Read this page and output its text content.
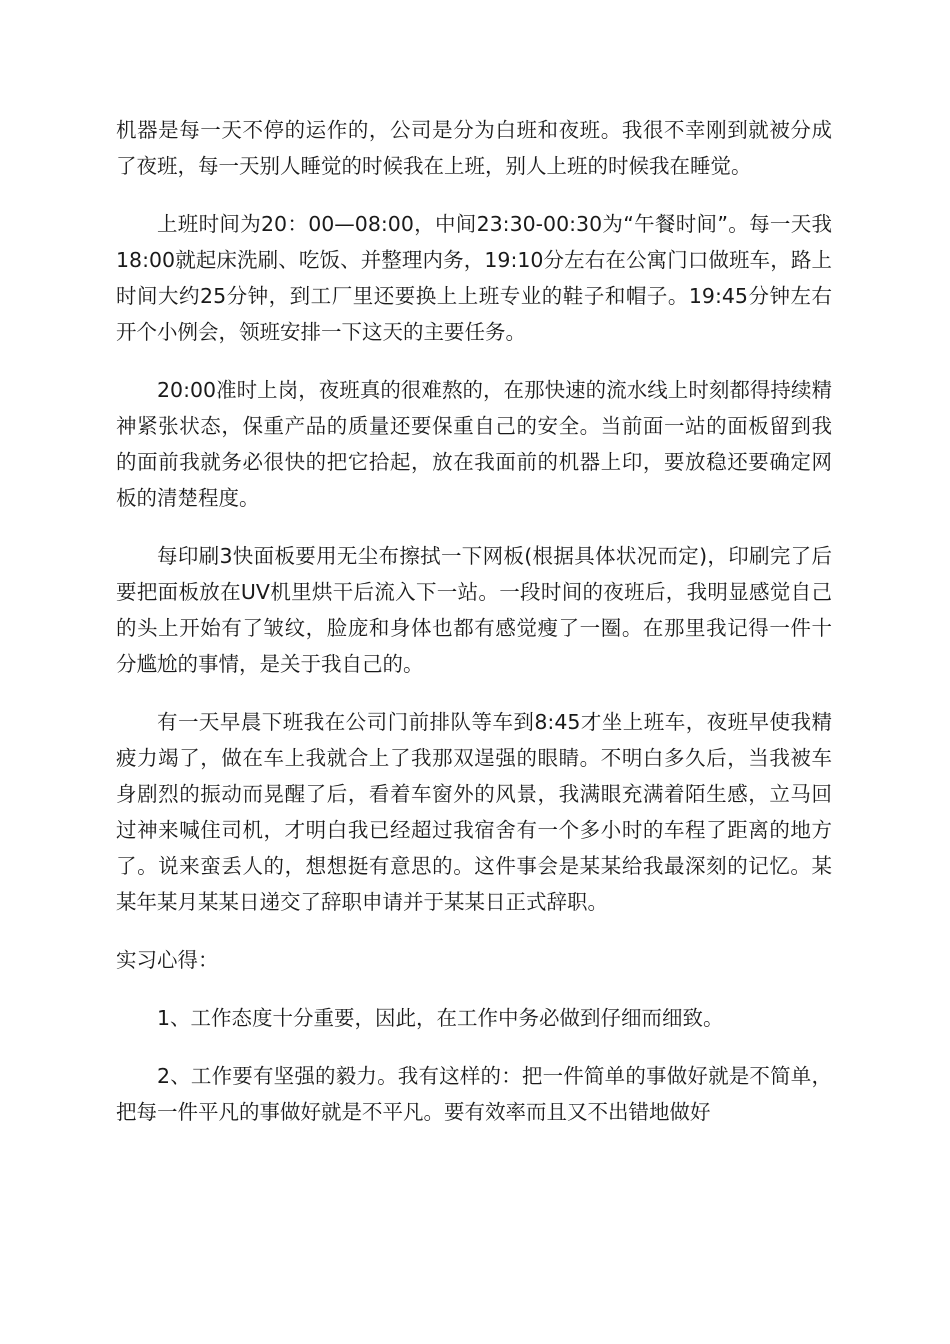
机器是每一天不停的运作的，公司是分为白班和夜班。我很不幸刚到就被分成了夜班，每一天别人睡觉的时候我在上班，别人上班的时候我在睡觉。

上班时间为20：00—08:00，中间23:30-00:30为“午餐时间”。每一天我18:00就起床洗刷、吃饭、并整理内务，19:10分左右在公寓门口做班车，路上时间大约25分钟，到工厂里还要换上上班专业的鞋子和帽子。19:45分钟左右开个小例会，领班安排一下这天的主要任务。

20:00准时上岗，夜班真的很难熬的，在那快速的流水线上时刻都得持续精神紧张状态，保重产品的质量还要保重自己的安全。当前面一站的面板留到我的面前我就务必很快的把它拾起，放在我面前的机器上印，要放稳还要确定网板的清楚程度。

每印刷3快面板要用无尘布擦拭一下网板(根据具体状况而定)，印刷完了后要把面板放在UV机里烘干后流入下一站。一段时间的夜班后，我明显感觉自己的头上开始有了皱纹，脸庞和身体也都有感觉瘦了一圈。在那里我记得一件十分尴尬的事情，是关于我自己的。

有一天早晨下班我在公司门前排队等车到8:45才坐上班车，夜班早使我精疲力竭了，做在车上我就合上了我那双逞强的眼睛。不明白多久后，当我被车身剧烈的振动而晃醒了后，看着车窗外的风景，我满眼充满着陌生感，立马回过神来喊住司机，才明白我已经超过我宿舍有一个多小时的车程了距离的地方了。说来蛮丢人的，想想挺有意思的。这件事会是某某给我最深刻的记忆。某某年某月某某日递交了辞职申请并于某某日正式辞职。

实习心得：

1、工作态度十分重要，因此，在工作中务必做到仔细而细致。

2、工作要有坚强的毅力。我有这样的：把一件简单的事做好就是不简单，把每一件平凡的事做好就是不平凡。要有效率而且又不出错地做好
